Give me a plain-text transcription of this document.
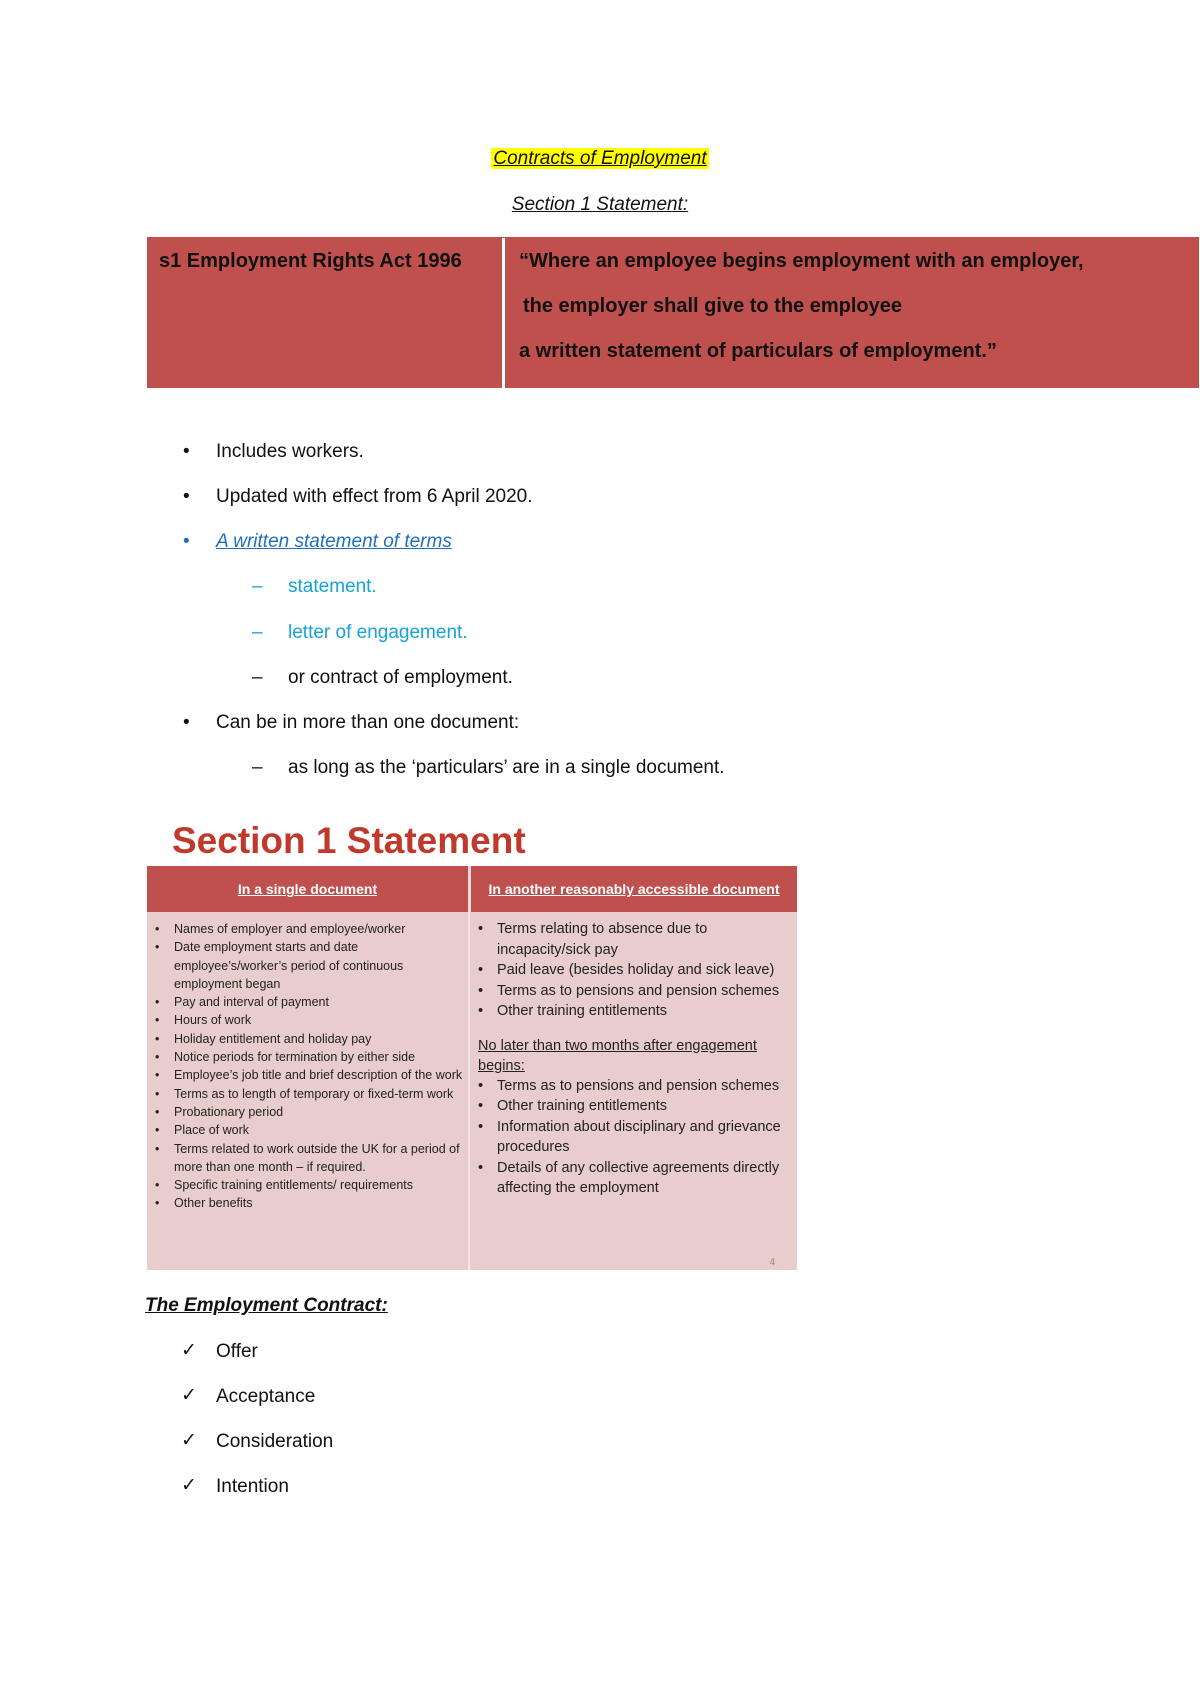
Contracts of Employment
Section 1 Statement:
s1 Employment Rights Act 1996	“Where an employee begins employment with an employer,
the employer shall give to the employee
a written statement of particulars of employment.”
• Includes workers.
• Updated with effect from 6 April 2020.
• A written statement of terms
– statement.
– letter of engagement.
– or contract of employment.
• Can be in more than one document:
– as long as the ‘particulars’ are in a single document.
Section 1 Statement
In a single document	In another reasonably accessible document
• Names of employer and employee/worker
• Date employment starts and date employee’s/worker’s period of continuous employment began
• Pay and interval of payment
• Hours of work
• Holiday entitlement and holiday pay
• Notice periods for termination by either side
• Employee’s job title and brief description of the work
• Terms as to length of temporary or fixed-term work
• Probationary period
• Place of work
• Terms related to work outside the UK for a period of more than one month – if required.
• Specific training entitlements/ requirements
• Other benefits
• Terms relating to absence due to incapacity/sick pay
• Paid leave (besides holiday and sick leave)
• Terms as to pensions and pension schemes
• Other training entitlements
No later than two months after engagement begins:
• Terms as to pensions and pension schemes
• Other training entitlements
• Information about disciplinary and grievance procedures
• Details of any collective agreements directly affecting the employment
4
The Employment Contract:
✓ Offer
✓ Acceptance
✓ Consideration
✓ Intention
